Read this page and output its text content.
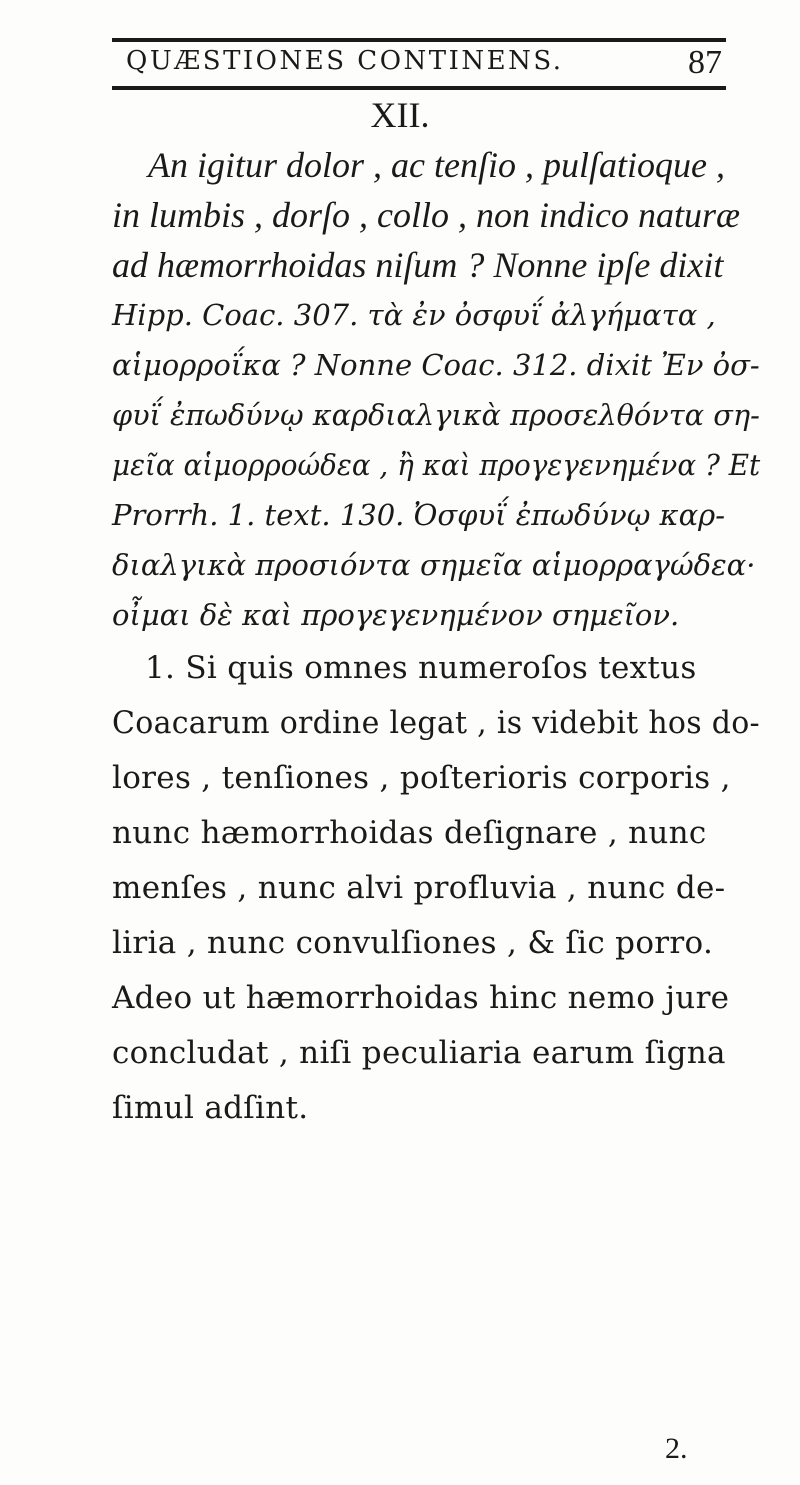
QUÆSTIONES CONTINENS.	87
XII.
An igitur dolor , ac tenſio , pulſatioque ,
in lumbis , dorſo , collo , non indico naturæ
ad hæmorrhoidas niſum ? Nonne ipſe dixit
Hipp. Coac. 307. τὰ ἐν ὀσφυΐ ἀλγήματα ,
αἱμορροΐκα ? Nonne Coac. 312. dixit Ἐν ὀσ-
φυΐ ἐπωδύνῳ καρδιαλγικὰ προσελθόντα ση-
μεῖα αἱμορροώδεα , ἢ καὶ προγεγενημένα ? Et
Prorrh. 1. text. 130. Ὀσφυΐ ἐπωδύνῳ καρ-
διαλγικὰ προσιόντα σημεῖα αἱμορραγώδεα·
οἶμαι δὲ καὶ προγεγενημένον σημεῖον.
1. Si quis omnes numeroſos textus
Coacarum ordine legat , is videbit hos do-
lores , tenſiones , poſterioris corporis ,
nunc hæmorrhoidas deſignare , nunc
menſes , nunc alvi profluvia , nunc de-
liria , nunc convulſiones , & ſic porro.
Adeo ut hæmorrhoidas hinc nemo jure
concludat , niſi peculiaria earum ſigna
ſimul adſint.
2.
